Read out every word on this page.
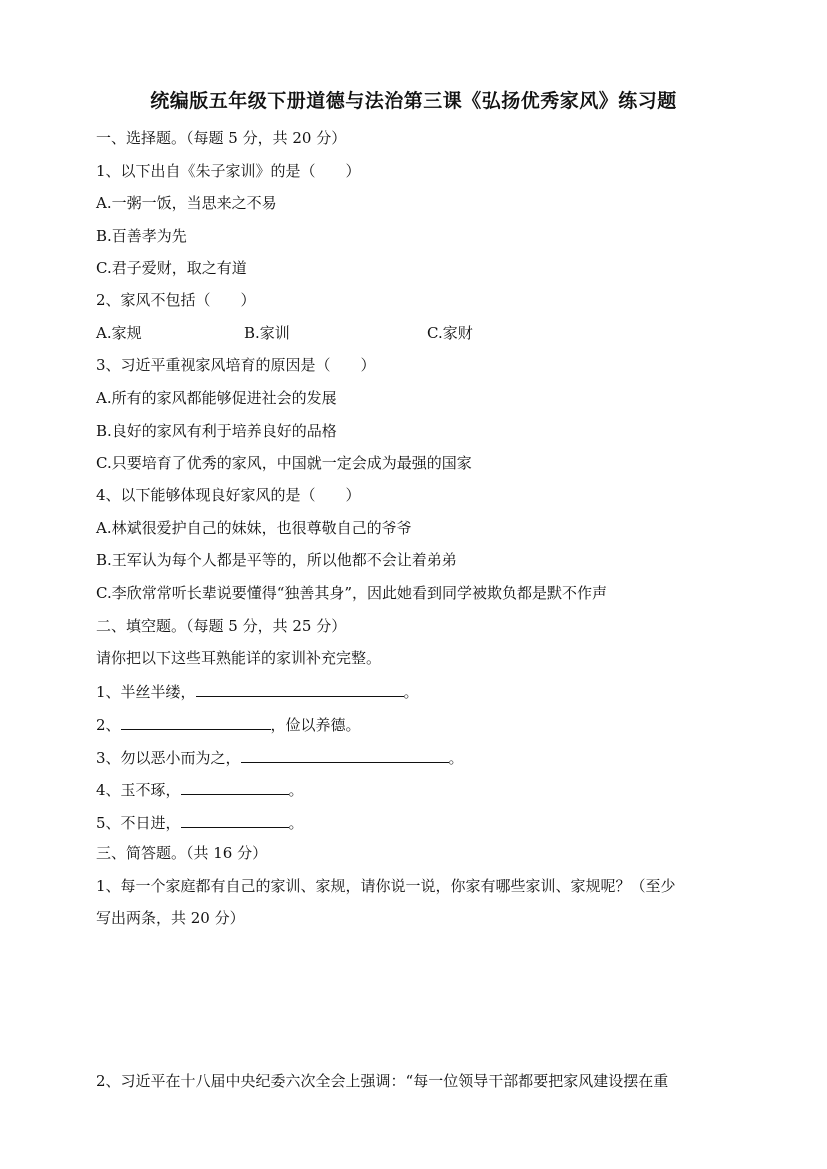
统编版五年级下册道德与法治第三课《弘扬优秀家风》练习题
一、选择题。（每题 5 分，共 20 分）
1、以下出自《朱子家训》的是（　　）
A.一粥一饭，当思来之不易
B.百善孝为先
C.君子爱财，取之有道
2、家风不包括（　　）
A.家规	B.家训	C.家财
3、习近平重视家风培育的原因是（　　）
A.所有的家风都能够促进社会的发展
B.良好的家风有利于培养良好的品格
C.只要培育了优秀的家风，中国就一定会成为最强的国家
4、以下能够体现良好家风的是（　　）
A.林斌很爱护自己的妹妹，也很尊敬自己的爷爷
B.王军认为每个人都是平等的，所以他都不会让着弟弟
C.李欣常常听长辈说要懂得“独善其身”，因此她看到同学被欺负都是默不作声
二、填空题。（每题 5 分，共 25 分）
请你把以下这些耳熟能详的家训补充完整。
1、半丝半缕，	。
2、	，俭以养德。
3、勿以恶小而为之，	。
4、玉不琢，	。
5、不日进，	。
三、简答题。（共 16 分）
1、每一个家庭都有自己的家训、家规，请你说一说，你家有哪些家训、家规呢？（至少
写出两条，共 20 分）
2、习近平在十八届中央纪委六次全会上强调：“每一位领导干部都要把家风建设摆在重
